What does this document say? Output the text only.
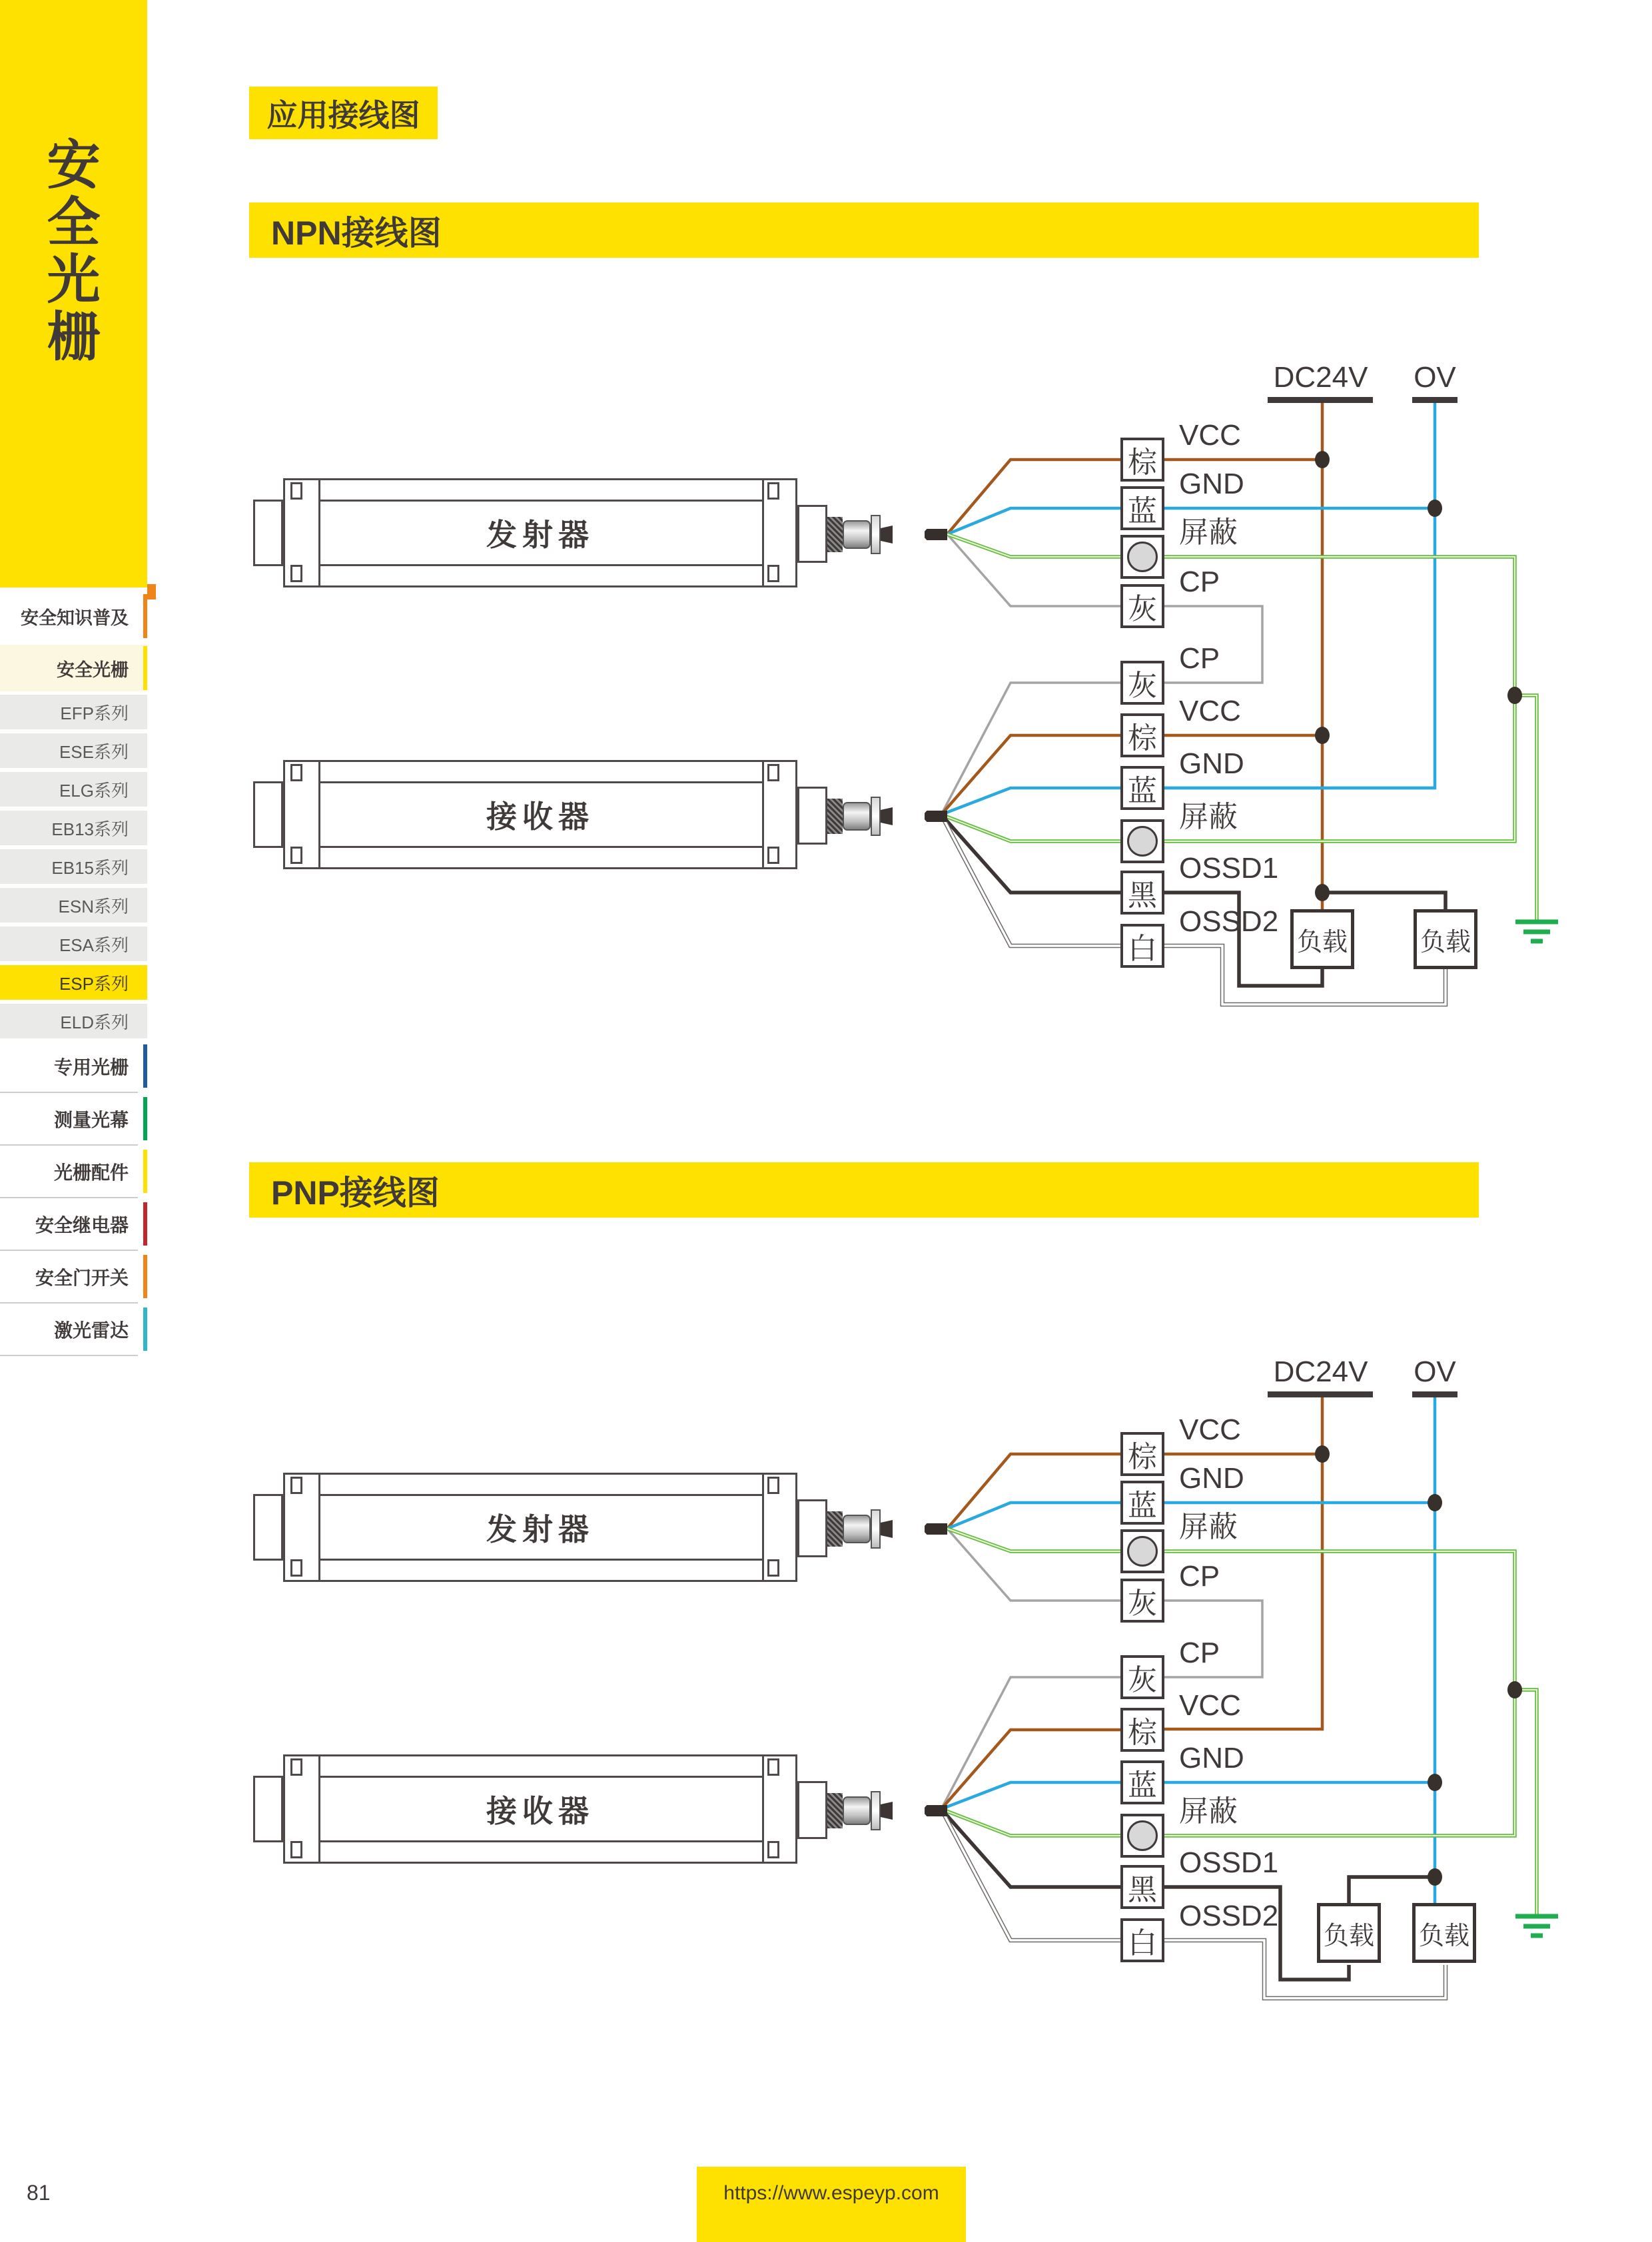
安全光栅
安全知识普及
安全光栅
EFP系列
ESE系列
ELG系列
EB13系列
EB15系列
ESN系列
ESA系列
ESP系列
ELD系列
专用光栅
测量光幕
光栅配件
安全继电器
安全门开关
激光雷达
应用接线图
NPN接线图
PNP接线图
发射器
接收器
DC24V	OV
棕
VCC
蓝
GND
屏蔽
灰
CP
灰
CP
棕
VCC
蓝
GND
屏蔽
黑
OSSD1
白
OSSD2
负载	负载
发射器
接收器
DC24V	OV
棕
VCC
蓝
GND
屏蔽
灰
CP
灰
CP
棕
VCC
蓝
GND
屏蔽
黑
OSSD1
白
OSSD2
负载 负载
81	https://www.espeyp.com
